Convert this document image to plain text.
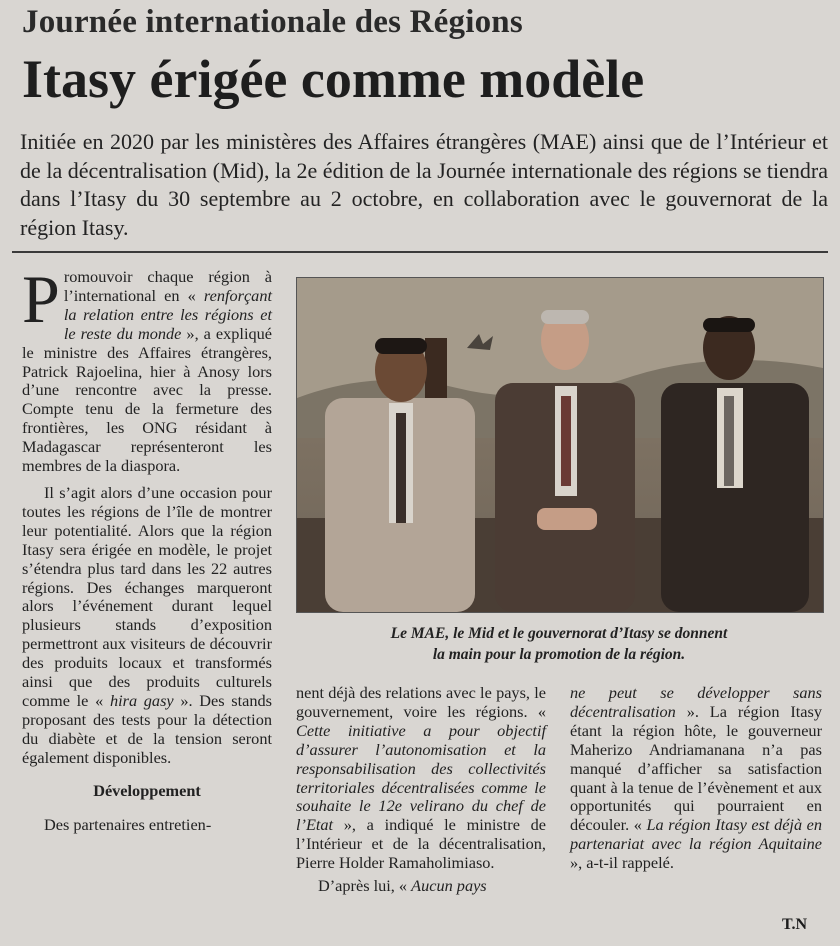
Journée internationale des Régions
Itasy érigée comme modèle
Initiée en 2020 par les ministères des Affaires étrangères (MAE) ainsi que de l’Intérieur et de la décentralisation (Mid), la 2e édition de la Journée internationale des régions se tiendra dans l’Itasy du 30 septembre au 2 octobre, en collaboration avec le gouvernorat de la région Itasy.

Promouvoir chaque région à l’international en « renforçant la relation entre les régions et le reste du monde », a expliqué le ministre des Affaires étrangères, Patrick Rajoelina, hier à Anosy lors d’une rencontre avec la presse. Compte tenu de la fermeture des frontières, les ONG résidant à Madagascar représenteront les membres de la diaspora.

Il s’agit alors d’une occasion pour toutes les régions de l’île de montrer leur potentialité. Alors que la région Itasy sera érigée en modèle, le projet s’étendra plus tard dans les 22 autres régions. Des échanges marqueront alors l’événement durant lequel plusieurs stands d’exposition permettront aux visiteurs de découvrir des produits locaux et transformés ainsi que des produits culturels comme le « hira gasy ». Des stands proposant des tests pour la détection du diabète et de la tension seront également disponibles.

Développement

Des partenaires entretien-

Le MAE, le Mid et le gouvernorat d’Itasy se donnent
la main pour la promotion de la région.

nent déjà des relations avec le pays, le gouvernement, voire les régions. « Cette initiative a pour objectif d’assurer l’autonomisation et la responsabilisation des collectivités territoriales décentralisées comme le souhaite le 12e velirano du chef de l’Etat », a indiqué le ministre de l’Intérieur et de la décentralisation, Pierre Holder Ramaholimiaso.

D’après lui, « Aucun pays

ne peut se développer sans décentralisation ». La région Itasy étant la région hôte, le gouverneur Maherizo Andriamanana n’a pas manqué d’afficher sa satisfaction quant à la tenue de l’évènement et aux opportunités qui pourraient en découler. « La région Itasy est déjà en partenariat avec la région Aquitaine », a-t-il rappelé.

T.N
